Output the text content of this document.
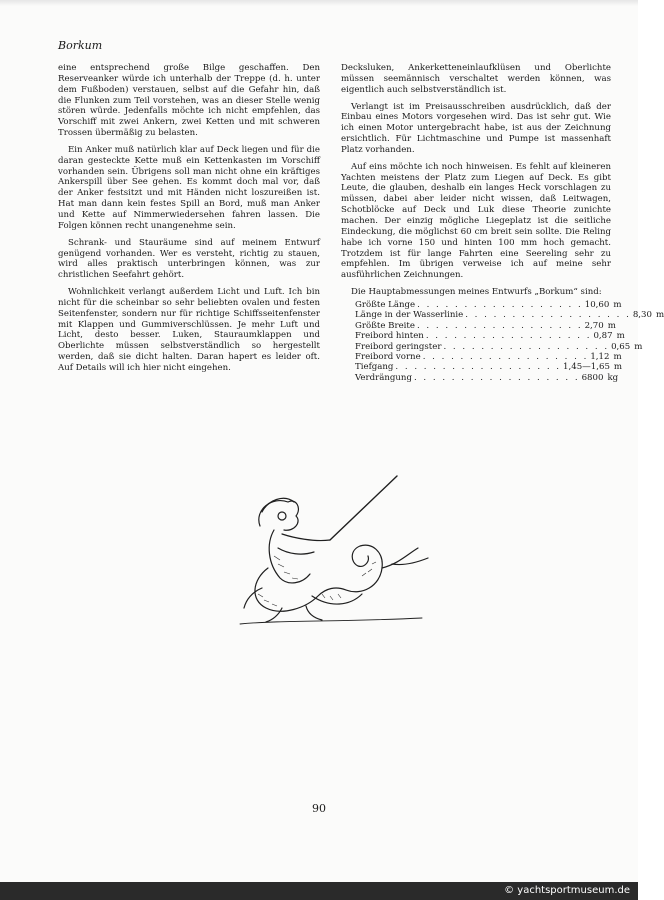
Borkum

eine entsprechend große Bilge geschaffen. Den Reserveanker würde ich unterhalb der Treppe (d. h. unter dem Fußboden) verstauen, selbst auf die Gefahr hin, daß die Flunken zum Teil vorstehen, was an dieser Stelle wenig stören würde. Jedenfalls möchte ich nicht empfehlen, das Vorschiff mit zwei Ankern, zwei Ketten und mit schweren Trossen übermäßig zu belasten.

Ein Anker muß natürlich klar auf Deck liegen und für die daran gesteckte Kette muß ein Kettenkasten im Vorschiff vorhanden sein. Übrigens soll man nicht ohne ein kräftiges Ankerspill über See gehen. Es kommt doch mal vor, daß der Anker festsitzt und mit Händen nicht loszureißen ist. Hat man dann kein festes Spill an Bord, muß man Anker und Kette auf Nimmerwiedersehen fahren lassen. Die Folgen können recht unangenehme sein.

Schrank- und Stauräume sind auf meinem Entwurf genügend vorhanden. Wer es versteht, richtig zu stauen, wird alles praktisch unterbringen können, was zur christlichen Seefahrt gehört.

Wohnlichkeit verlangt außerdem Licht und Luft. Ich bin nicht für die scheinbar so sehr beliebten ovalen und festen Seitenfenster, sondern nur für richtige Schiffsseitenfenster mit Klappen und Gummiverschlüssen. Je mehr Luft und Licht, desto besser. Luken, Stauraumklappen und Oberlichte müssen selbstverständlich so hergestellt werden, daß sie dicht halten. Daran hapert es leider oft. Auf Details will ich hier nicht eingehen.

Decksluken, Ankerketteneinlaufklüsen und Oberlichte müssen seemännisch verschaltet werden können, was eigentlich auch selbstverständlich ist.

Verlangt ist im Preisausschreiben ausdrücklich, daß der Einbau eines Motors vorgesehen wird. Das ist sehr gut. Wie ich einen Motor untergebracht habe, ist aus der Zeichnung ersichtlich. Für Lichtmaschine und Pumpe ist massenhaft Platz vorhanden.

Auf eins möchte ich noch hinweisen. Es fehlt auf kleineren Yachten meistens der Platz zum Liegen auf Deck. Es gibt Leute, die glauben, deshalb ein langes Heck vorschlagen zu müssen, dabei aber leider nicht wissen, daß Leitwagen, Schotblöcke auf Deck und Luk diese Theorie zunichte machen. Der einzig mögliche Liegeplatz ist die seitliche Eindeckung, die möglichst 60 cm breit sein sollte. Die Reling habe ich vorne 150 und hinten 100 mm hoch gemacht. Trotzdem ist für lange Fahrten eine Seereling sehr zu empfehlen. Im übrigen verweise ich auf meine sehr ausführlichen Zeichnungen.

Die Hauptabmessungen meines Entwurfs „Borkum“ sind:

Größte Länge . . . . . . . . . . . . . . . . . . 10,60 m
Länge in der Wasserlinie . . . . . . . . . . . . . . . . . . 8,30 m
Größte Breite . . . . . . . . . . . . . . . . . . 2,70 m
Freibord hinten . . . . . . . . . . . . . . . . . . 0,87 m
Freibord geringster . . . . . . . . . . . . . . . . . . 0,65 m
Freibord vorne . . . . . . . . . . . . . . . . . . 1,12 m
Tiefgang . . . . . . . . . . . . . . . . . . 1,45—1,65 m
Verdrängung . . . . . . . . . . . . . . . . . . 6800 kg
90
© yachtsportmuseum.de
